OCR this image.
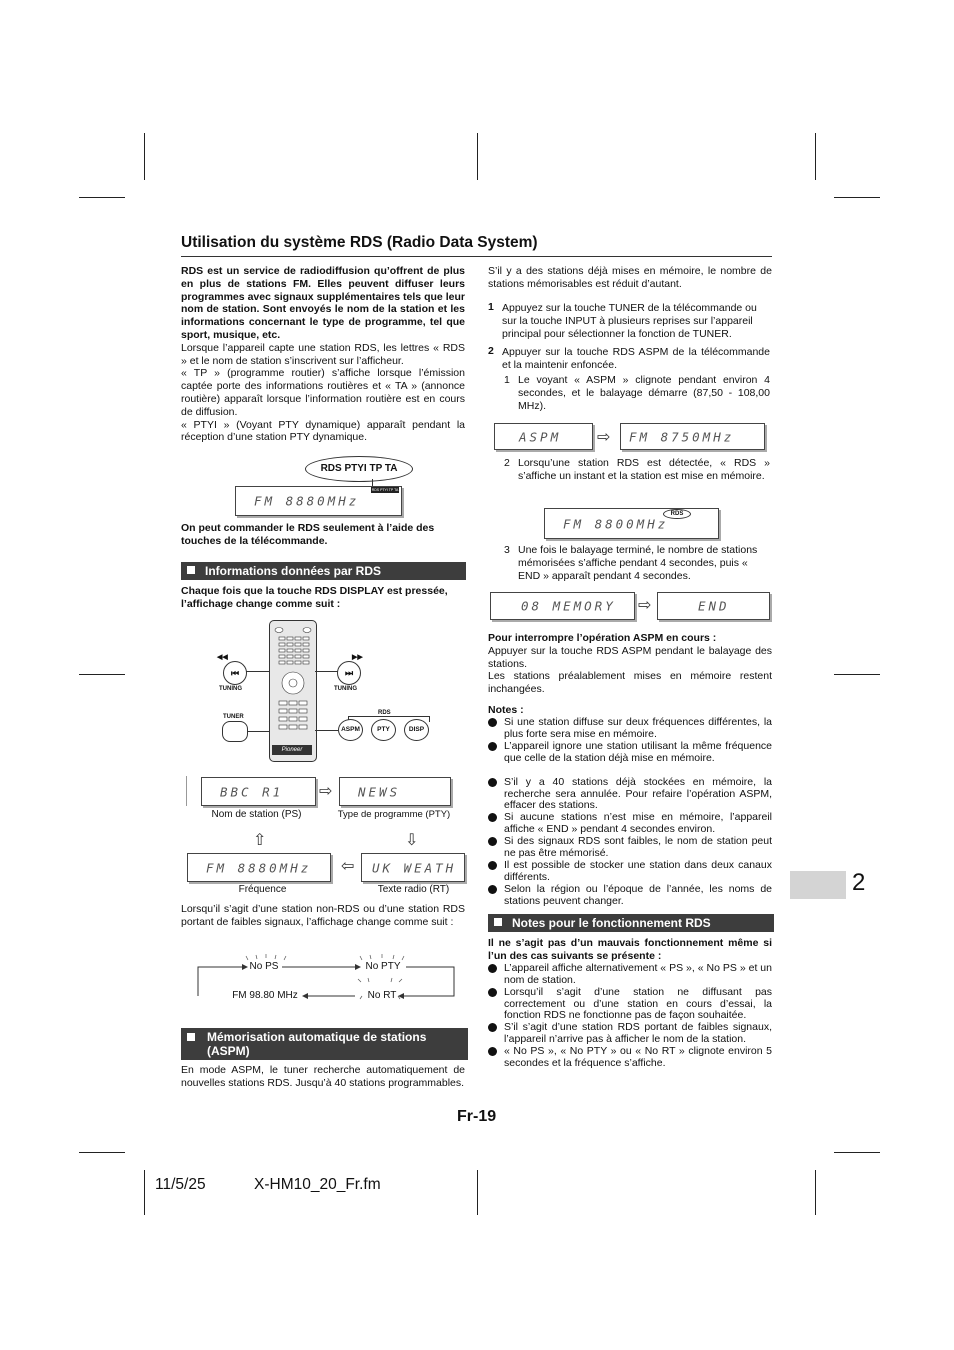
Utilisation du système RDS (Radio Data System)
RDS est un service de radiodiffusion qu’offrent de plus en plus de stations FM. Elles peuvent diffuser leurs programmes avec signaux supplémentaires tels que leur nom de station. Sont envoyés le nom de la station et les informations concernant le type de programme, tel que sport, musique, etc.
Lorsque l’appareil capte une station RDS, les lettres « RDS » et le nom de station s’inscrivent sur l’afficheur.
« TP » (programme routier) s’affiche lorsque l’émission captée porte des informations routières et « TA » (annonce routière) apparaît lorsque l’information routière est en cours de diffusion.
« PTYI » (Voyant PTY dynamique) apparaît pendant la réception d’une station PTY dynamique.
RDS PTYI TP TA
FM 8880MHz
RDS PTYI TP TA
On peut commander le RDS seulement à l’aide des touches de la télécommande.
Informations données par RDS
Chaque fois que la touche RDS DISPLAY est pressée, l’affichage change comme suit :
Pioneer
◀◀
⏮
TUNING
▶▶
⏭
TUNING
TUNER
RDS
ASPM	PTY	DISP
BBC R1 ⇨ NEWS
Nom de station (PS)	Type de programme (PTY)
⇧	⇩
FM 8880MHz ⇦ UK WEATH
Fréquence	Texte radio (RT)
Lorsqu’il s’agit d’une station non-RDS ou d’une station RDS portant de faibles signaux, l’affichage change comme suit :
No PS	No PTY
No RT
FM 98.80 MHz
Mémorisation automatique de stations (ASPM)
En mode ASPM, le tuner recherche automatiquement de nouvelles stations RDS. Jusqu’à 40 stations programmables.
S’il y a des stations déjà mises en mémoire, le nombre de stations mémorisables est réduit d’autant.
1 Appuyez sur la touche TUNER de la télécommande ou sur la touche INPUT à plusieurs reprises sur l’appareil principal pour sélectionner la fonction de TUNER.
2 Appuyer sur la touche RDS ASPM de la télécommande et la maintenir enfoncée.
1 Le voyant « ASPM » clignote pendant environ 4 secondes, et le balayage démarre (87,50 - 108,00 MHz).
ASPM ⇨ FM 8750MHz
2 Lorsqu’une station RDS est détectée, « RDS » s’affiche un instant et la station est mise en mémoire.
FM 8800MHz
RDS
3 Une fois le balayage terminé, le nombre de stations mémorisées s’affiche pendant 4 secondes, puis « END » apparaît pendant 4 secondes.
08 MEMORY ⇨	END
Pour interrompre l’opération ASPM en cours :
Appuyer sur la touche RDS ASPM pendant le balayage des stations.
Les stations préalablement mises en mémoire restent inchangées.
Notes :
Si une station diffuse sur deux fréquences différentes, la plus forte sera mise en mémoire.
L’appareil ignore une station utilisant la même fréquence que celle de la station déjà mise en mémoire.
S’il y a 40 stations déjà stockées en mémoire, la recherche sera annulée. Pour refaire l’opération ASPM, effacer des stations.
Si aucune stations n’est mise en mémoire, l’appareil affiche « END » pendant 4 secondes environ.
Si des signaux RDS sont faibles, le nom de station peut ne pas être mémorisé.
Il est possible de stocker une station dans deux canaux différents.
Selon la région ou l’époque de l’année, les noms de stations peuvent changer.
Notes pour le fonctionnement RDS
Il ne s’agit pas d’un mauvais fonctionnement même si l’un des cas suivants se présente :
L’appareil affiche alternativement « PS », « No PS » et un nom de station.
Lorsqu’il s’agit d’une station ne diffusant pas correctement ou d’une station en cours d’essai, la fonction RDS ne fonctionne pas de façon souhaitée.
S’il s’agit d’une station RDS portant de faibles signaux, l’appareil n’arrive pas à afficher le nom de la station.
« No PS », « No PTY » ou « No RT » clignote environ 5 secondes et la fréquence s’affiche.
2
Fr-19
11/5/25	X-HM10_20_Fr.fm
